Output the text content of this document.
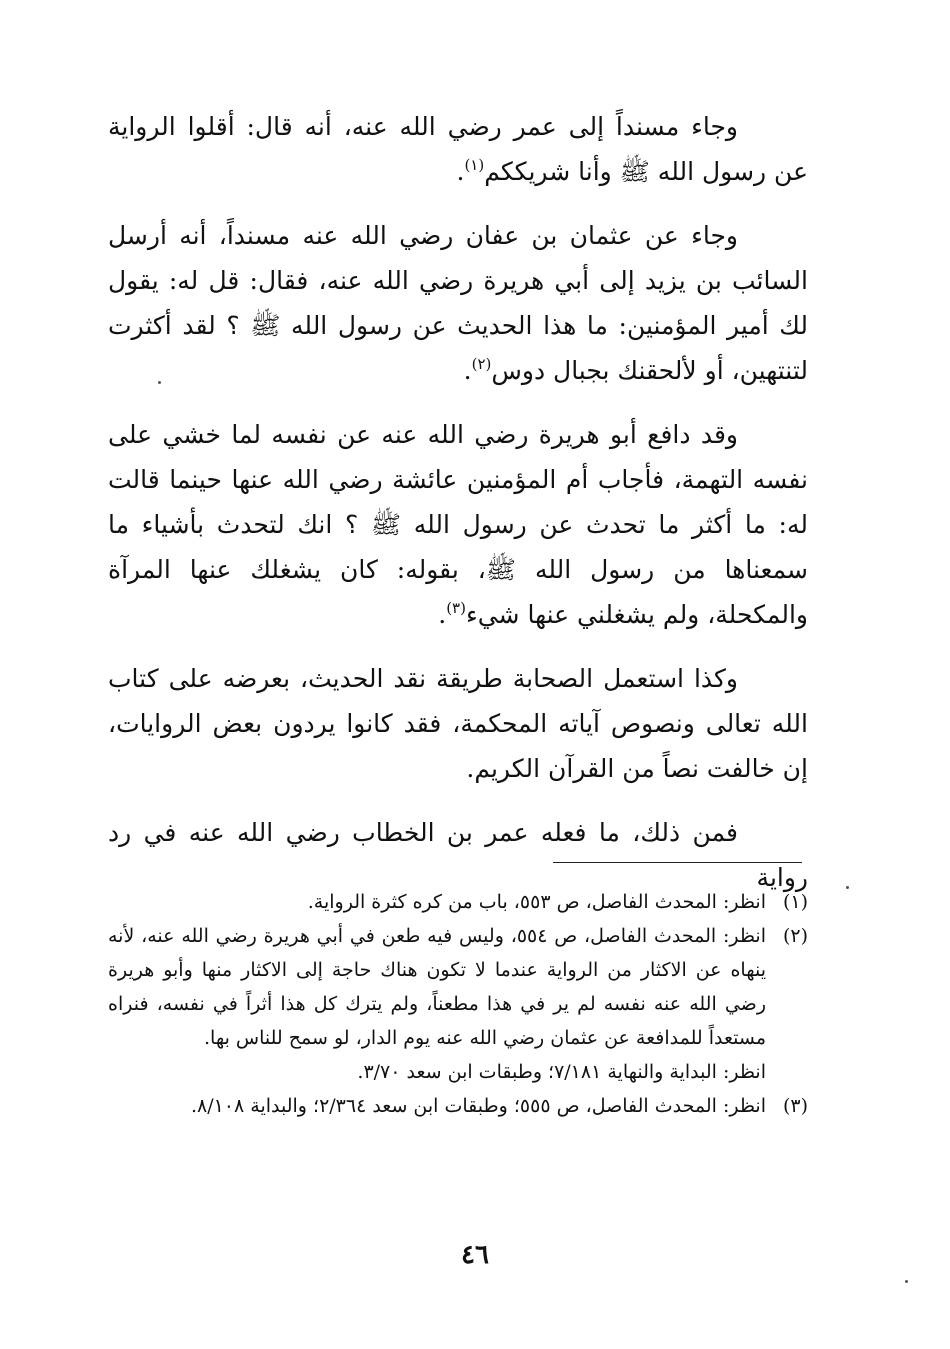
وجاء مسنداً إلى عمر رضي الله عنه، أنه قال: أقلوا الرواية عن رسول الله ﷺ وأنا شريككم$^{(١)}$.

وجاء عن عثمان بن عفان رضي الله عنه مسنداً، أنه أرسل السائب بن يزيد إلى أبي هريرة رضي الله عنه، فقال: قل له: يقول لك أمير المؤمنين: ما هذا الحديث عن رسول الله ﷺ ؟ لقد أكثرت لتنتهين، أو لألحقنك بجبال دوس$^{(٢)}$.

وقد دافع أبو هريرة رضي الله عنه عن نفسه لما خشي على نفسه التهمة، فأجاب أم المؤمنين عائشة رضي الله عنها حينما قالت له: ما أكثر ما تحدث عن رسول الله ﷺ ؟ انك لتحدث بأشياء ما سمعناها من رسول الله ﷺ، بقوله: كان يشغلك عنها المرآة والمكحلة، ولم يشغلني عنها شيء$^{(٣)}$.

وكذا استعمل الصحابة طريقة نقد الحديث، بعرضه على كتاب الله تعالى ونصوص آياته المحكمة، فقد كانوا يردون بعض الروايات، إن خالفت نصاً من القرآن الكريم.

فمن ذلك، ما فعله عمر بن الخطاب رضي الله عنه في رد رواية

(١)
انظر: المحدث الفاصل، ص ٥٥٣، باب من كره كثرة الرواية.
(٢)
انظر: المحدث الفاصل، ص ٥٥٤، وليس فيه طعن في أبي هريرة رضي الله عنه، لأنه ينهاه عن الاكثار من الرواية عندما لا تكون هناك حاجة إلى الاكثار منها وأبو هريرة رضي الله عنه نفسه لم ير في هذا مطعناً، ولم يترك كل هذا أثراً في نفسه، فنراه مستعداً للمدافعة عن عثمان رضي الله عنه يوم الدار، لو سمح للناس بها.
انظر: البداية والنهاية ٧/١٨١؛ وطبقات ابن سعد ٣/٧٠.
(٣)
انظر: المحدث الفاصل، ص ٥٥٥؛ وطبقات ابن سعد ٢/٣٦٤؛ والبداية ٨/١٠٨.
٤٦
